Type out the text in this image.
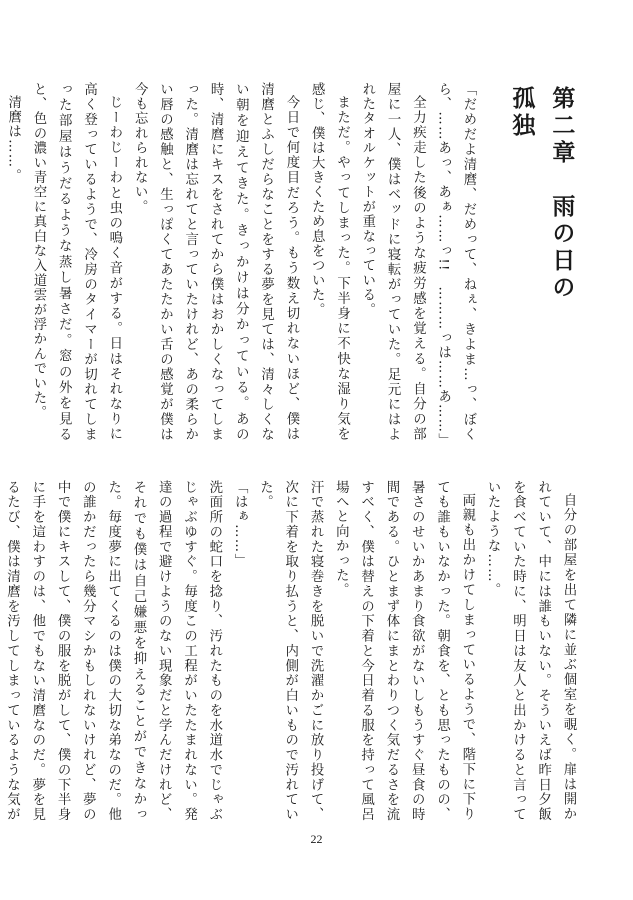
第二章　雨の日の孤独

「だめだよ清麿、だめって、ねぇ、きよま…っ、ぼくら、……あっ、あぁ……っ!!　………っは……あ……」

全力疾走した後のような疲労感を覚える。自分の部屋に一人、僕はベッドに寝転がっていた。足元にはよれたタオルケットが重なっている。

まただ。やってしまった。下半身に不快な湿り気を感じ、僕は大きくため息をついた。

今日で何度目だろう。もう数え切れないほど、僕は清麿とふしだらなことをする夢を見ては、清々しくない朝を迎えてきた。きっかけは分かっている。あの時、清麿にキスをされてから僕はおかしくなってしまった。清麿は忘れてと言っていたけれど、あの柔らかい唇の感触と、生っぽくてあたたかい舌の感覚が僕は今も忘れられない。

じーわじーわと虫の鳴く音がする。日はそれなりに高く登っているようで、冷房のタイマーが切れてしまった部屋はうだるような蒸し暑さだ。窓の外を見ると、色の濃い青空に真白な入道雲が浮かんでいた。

清麿は……。

自分の部屋を出て隣に並ぶ個室を覗く。扉は開かれていて、中には誰もいない。そういえば昨日夕飯を食べていた時に、明日は友人と出かけると言っていたような……。

両親も出かけてしまっているようで、階下に下りても誰もいなかった。朝食を、とも思ったものの、暑さのせいかあまり食欲がないしもうすぐ昼食の時間である。ひとまず体にまとわりつく気だるさを流すべく、僕は替えの下着と今日着る服を持って風呂場へと向かった。

汗で蒸れた寝巻きを脱いで洗濯かごに放り投げて、次に下着を取り払うと、内側が白いもので汚れていた。

「はぁ……」

洗面所の蛇口を捻り、汚れたものを水道水でじゃぶじゃぶゆすぐ。毎度この工程がいたたまれない。発達の過程で避けようのない現象だと学んだけれど、それでも僕は自己嫌悪を抑えることができなかった。毎度夢に出てくるのは僕の大切な弟なのだ。他の誰かだったら幾分マシかもしれないけれど、夢の中で僕にキスして、僕の服を脱がして、僕の下半身に手を這わすのは、他でもない清麿なのだ。夢を見るたび、僕は清麿を汚してしまっているような気が

22
